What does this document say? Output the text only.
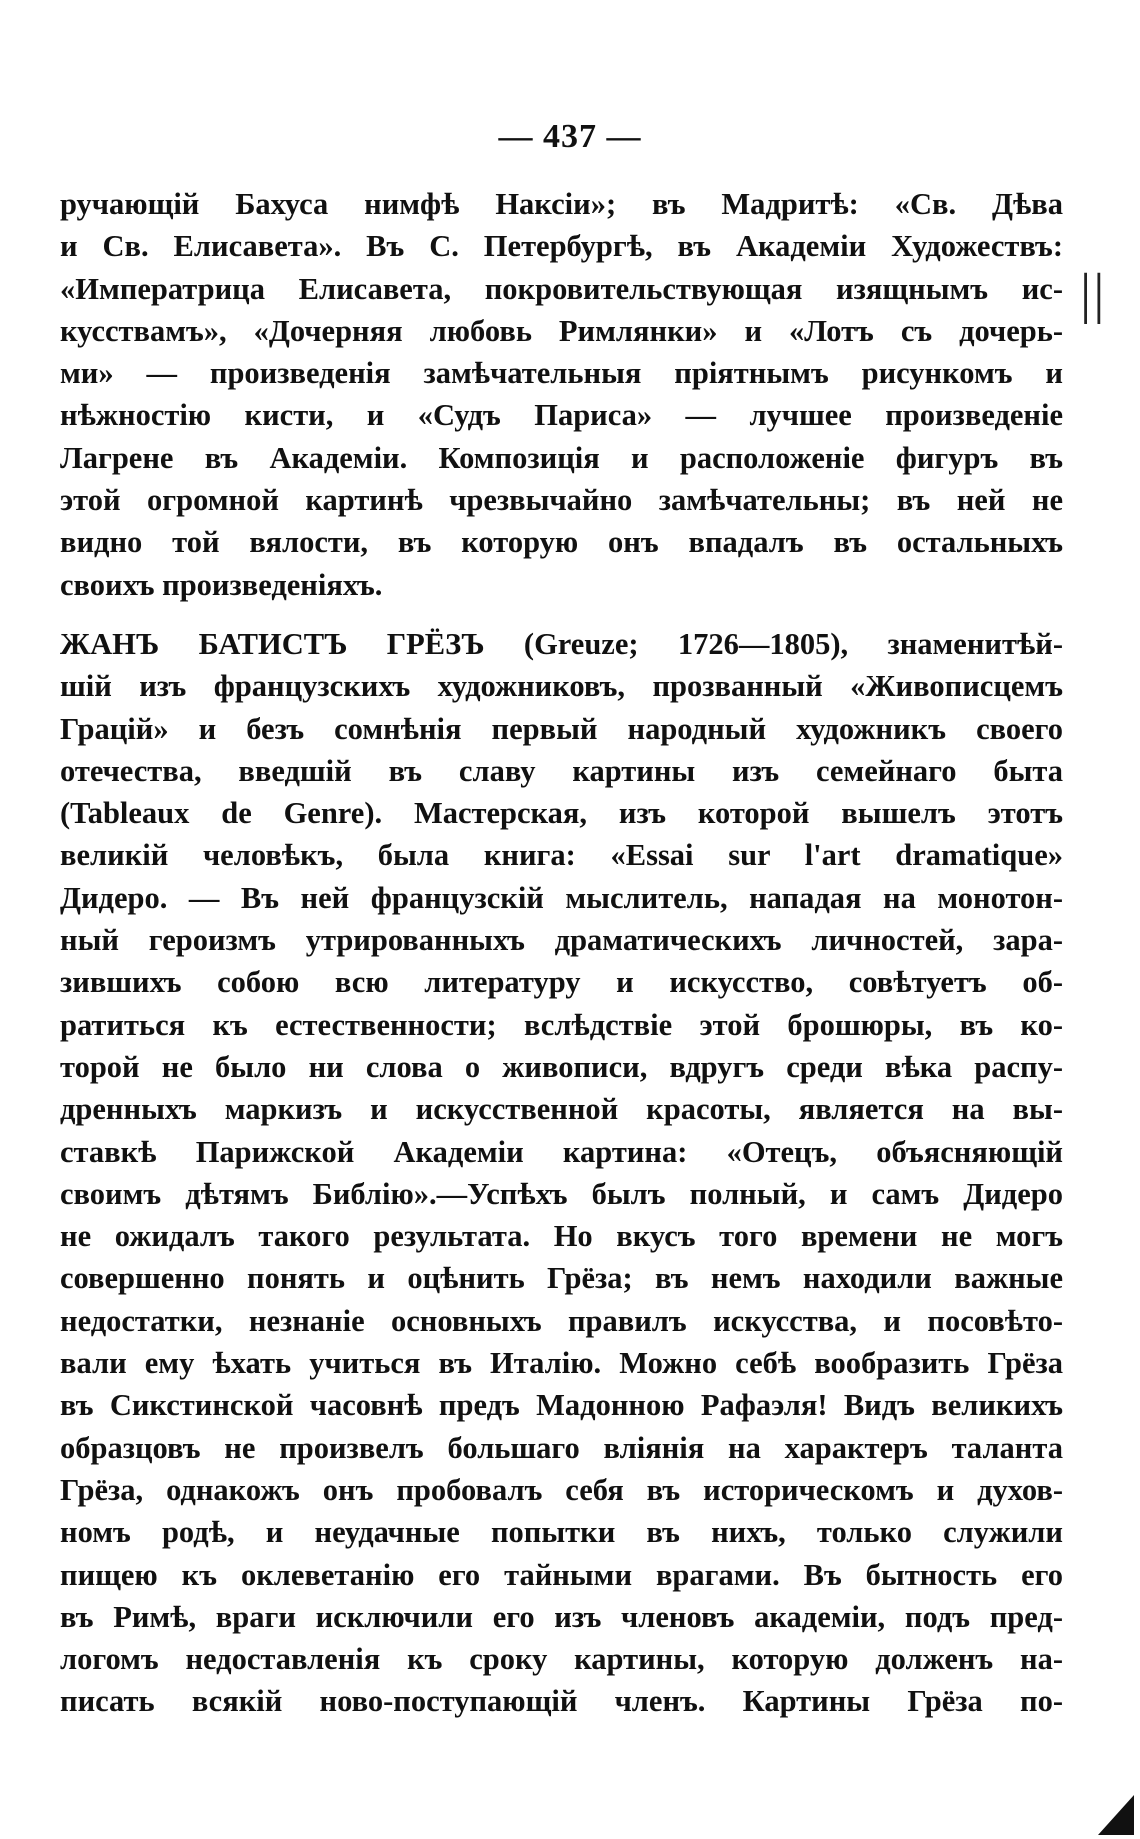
— 437 —
||
ручающій Бахуса нимфѣ Наксіи»; въ Мадритѣ: «Св. Дѣва
и Св. Елисавета». Въ С. Петербургѣ, въ Академіи Художествъ:
«Императрица Елисавета, покровительствующая изящнымъ ис-
кусствамъ», «Дочерняя любовь Римлянки» и «Лотъ съ дочерь-
ми» — произведенія замѣчательныя пріятнымъ рисункомъ и
нѣжностію кисти, и «Судъ Париса» — лучшее произведеніе
Лагрене въ Академіи. Композиція и расположеніе фигуръ въ
этой огромной картинѣ чрезвычайно замѣчательны; въ ней не
видно той вялости, въ которую онъ впадалъ въ остальныхъ
своихъ произведеніяхъ.
ЖАНЪ БАТИСТЪ ГРЁЗЪ (Greuze; 1726—1805), знаменитѣй-
шій изъ французскихъ художниковъ, прозванный «Живописцемъ
Грацій» и безъ сомнѣнія первый народный художникъ своего
отечества, введшій въ славу картины изъ семейнаго быта
(Tableaux de Genre). Мастерская, изъ которой вышелъ этотъ
великій человѣкъ, была книга: «Essai sur l'art dramatique»
Дидеро. — Въ ней французскій мыслитель, нападая на монотон-
ный героизмъ утрированныхъ драматическихъ личностей, зара-
зившихъ собою всю литературу и искусство, совѣтуетъ об-
ратиться къ естественности; вслѣдствіе этой брошюры, въ ко-
торой не было ни слова о живописи, вдругъ среди вѣка распу-
дренныхъ маркизъ и искусственной красоты, является на вы-
ставкѣ Парижской Академіи картина: «Отецъ, объясняющій
своимъ дѣтямъ Библію».—Успѣхъ былъ полный, и самъ Дидеро
не ожидалъ такого результата. Но вкусъ того времени не могъ
совершенно понять и оцѣнить Грёза; въ немъ находили важные
недостатки, незнаніе основныхъ правилъ искусства, и посовѣто-
вали ему ѣхать учиться въ Италію. Можно себѣ вообразить Грёза
въ Сикстинской часовнѣ предъ Мадонною Рафаэля! Видъ великихъ
образцовъ не произвелъ большаго вліянія на характеръ таланта
Грёза, однакожъ онъ пробовалъ себя въ историческомъ и духов-
номъ родѣ, и неудачные попытки въ нихъ, только служили
пищею къ оклеветанію его тайными врагами. Въ бытность его
въ Римѣ, враги исключили его изъ членовъ академіи, подъ пред-
логомъ недоставленія къ сроку картины, которую долженъ на-
писать всякій ново-поступающій членъ. Картины Грёза по-
